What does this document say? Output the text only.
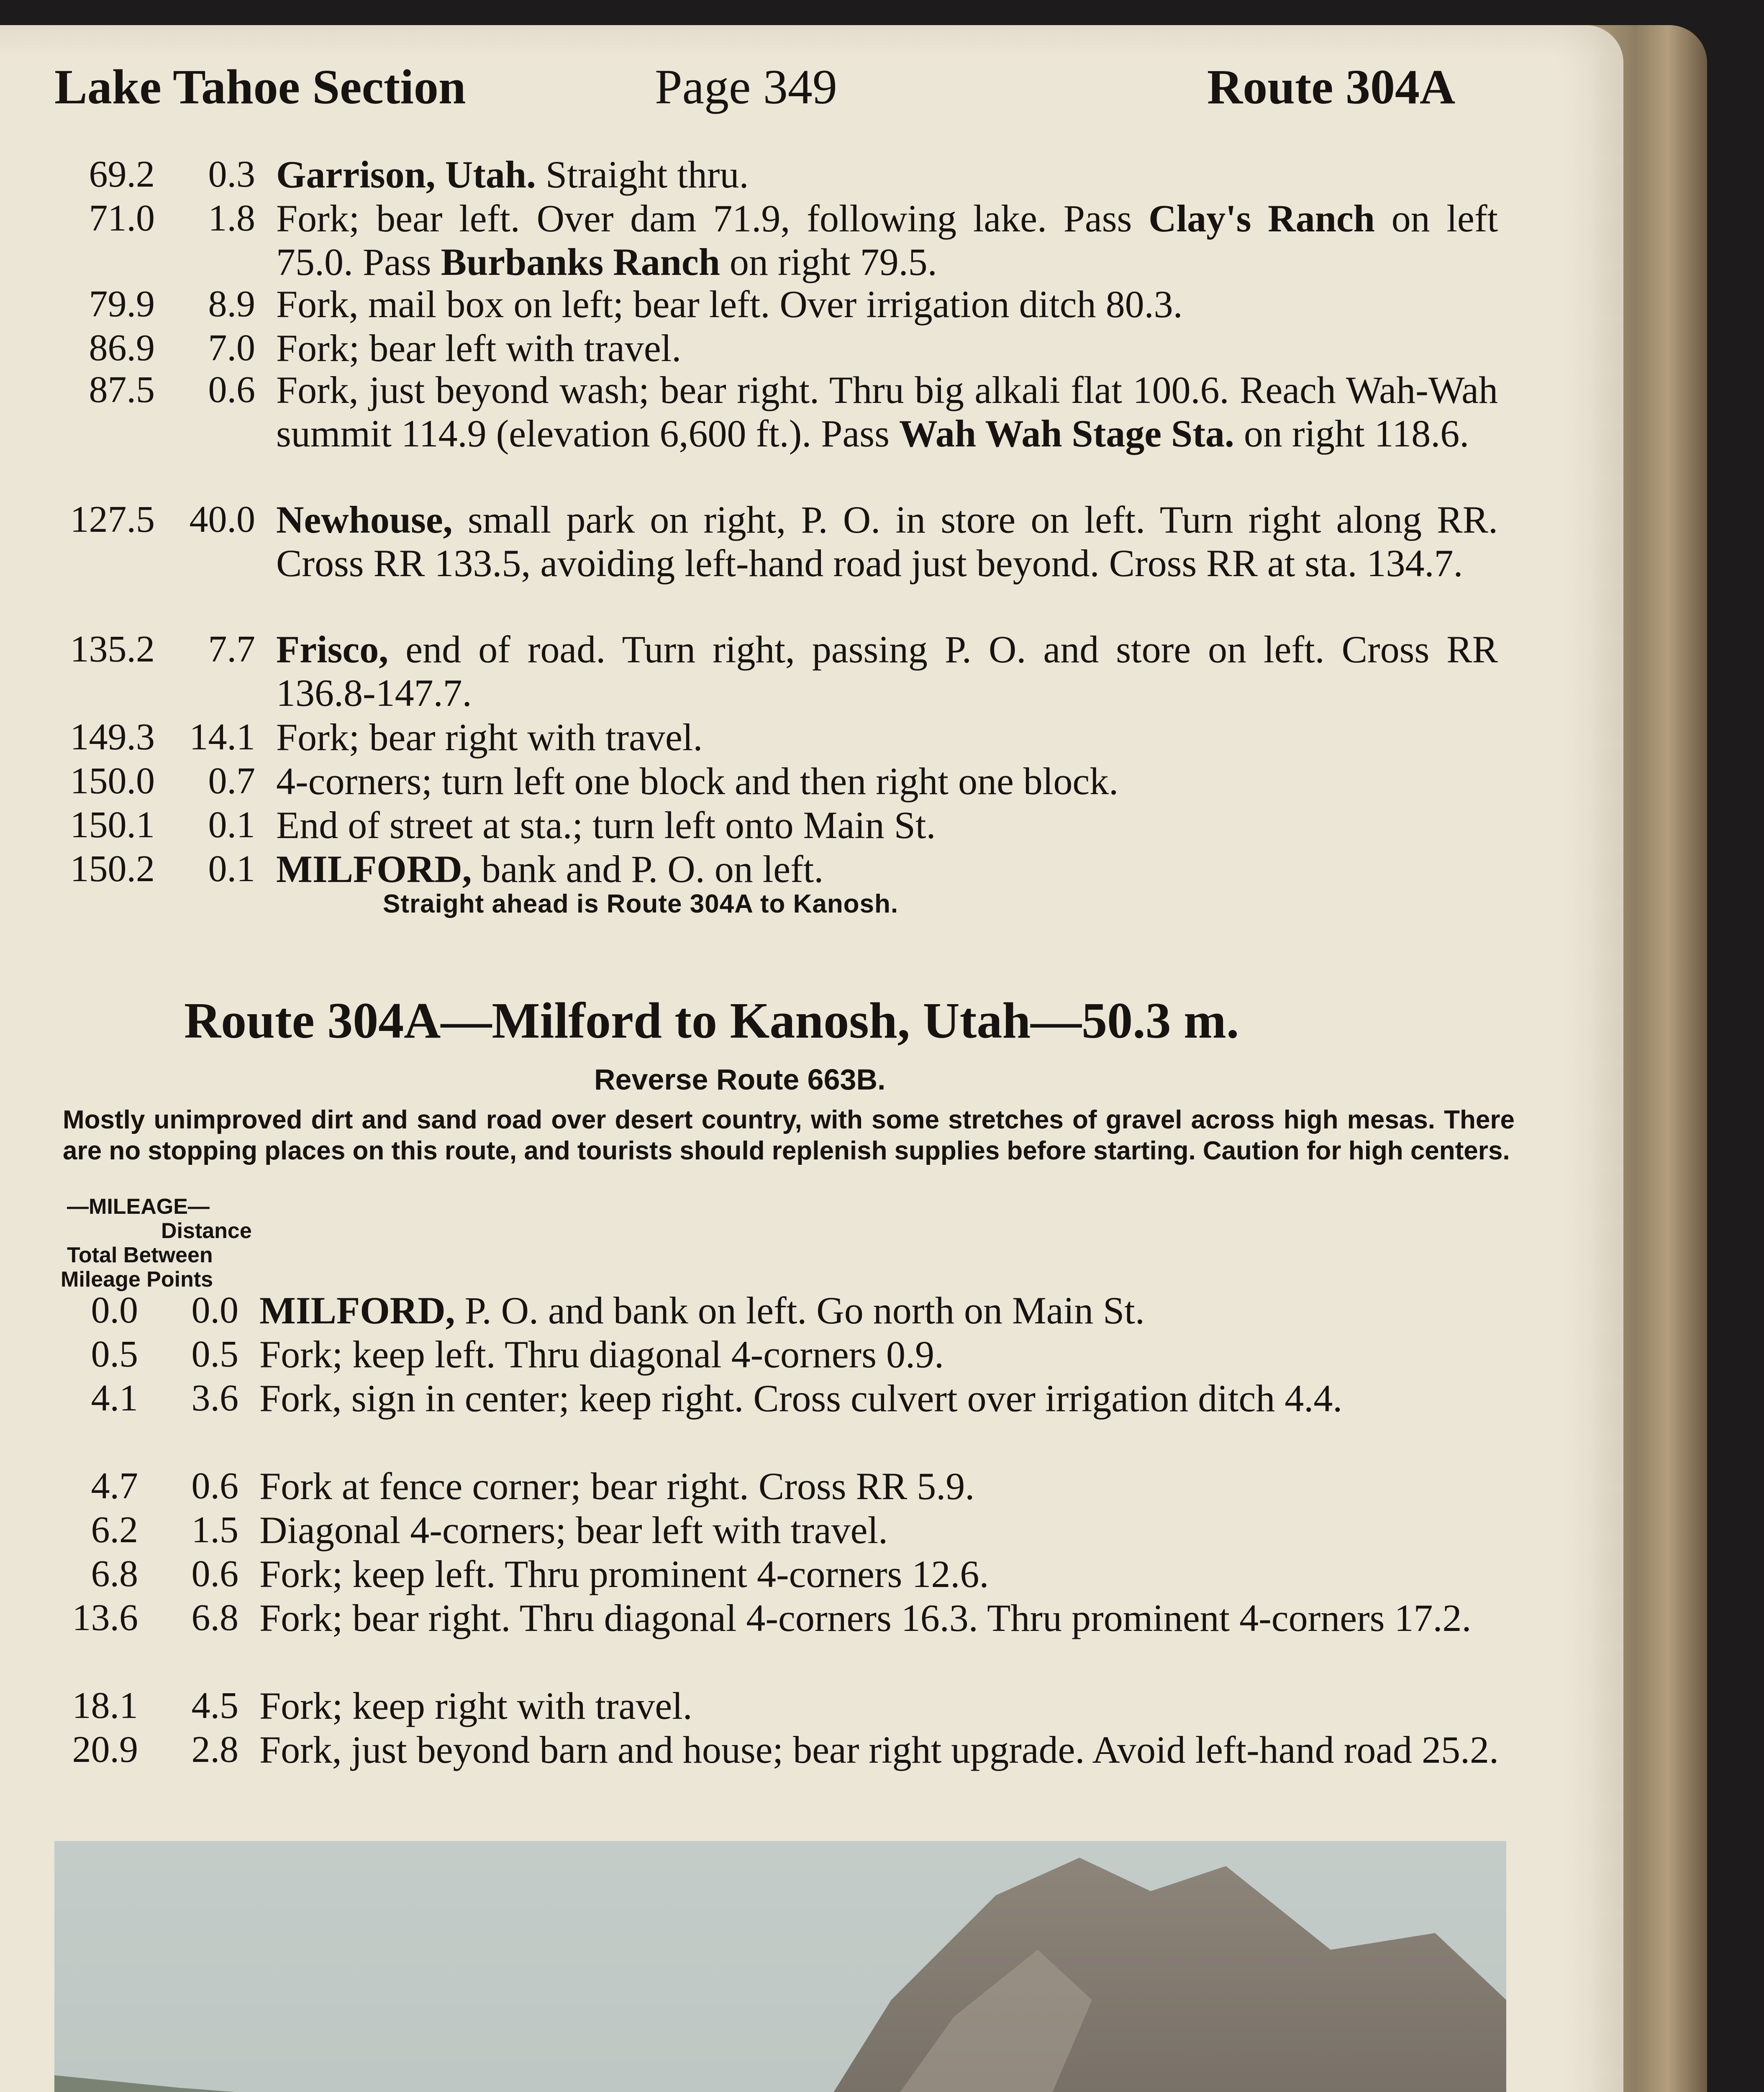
Lake Tahoe Section	Page 349	Route 304A
69.2	0.3 Garrison, Utah. Straight thru.
71.0	1.8 Fork; bear left. Over dam 71.9, following lake. Pass Clay's Ranch on left 75.0. Pass Burbanks Ranch on right 79.5.
79.9	8.9 Fork, mail box on left; bear left. Over irrigation ditch 80.3.
86.9	7.0 Fork; bear left with travel.
87.5	0.6 Fork, just beyond wash; bear right. Thru big alkali flat 100.6. Reach Wah-Wah summit 114.9 (elevation 6,600 ft.). Pass Wah Wah Stage Sta. on right 118.6.
127.5 40.0 Newhouse, small park on right, P. O. in store on left. Turn right along RR. Cross RR 133.5, avoiding left-hand road just beyond. Cross RR at sta. 134.7.
135.2	7.7 Frisco, end of road. Turn right, passing P. O. and store on left. Cross RR 136.8-147.7.
149.3 14.1 Fork; bear right with travel.
150.0	0.7 4-corners; turn left one block and then right one block.
150.1	0.1 End of street at sta.; turn left onto Main St.
150.2	0.1 MILFORD, bank and P. O. on left.
Straight ahead is Route 304A to Kanosh.
Route 304A—Milford to Kanosh, Utah—50.3 m.
Reverse Route 663B.
Mostly unimproved dirt and sand road over desert country, with some stretches of gravel across high mesas. There are no stopping places on this route, and tourists should replenish supplies before starting. Caution for high centers.
—MILEAGE—
Distance
Total Between
Mileage Points
0.0	0.0 MILFORD, P. O. and bank on left. Go north on Main St.
0.5	0.5 Fork; keep left. Thru diagonal 4-corners 0.9.
4.1	3.6 Fork, sign in center; keep right. Cross culvert over irrigation ditch 4.4.
4.7	0.6 Fork at fence corner; bear right. Cross RR 5.9.
6.2	1.5 Diagonal 4-corners; bear left with travel.
6.8	0.6 Fork; keep left. Thru prominent 4-corners 12.6.
13.6	6.8 Fork; bear right. Thru diagonal 4-corners 16.3. Thru prominent 4-corners 17.2.
18.1	4.5 Fork; keep right with travel.
20.9	2.8 Fork, just beyond barn and house; bear right upgrade. Avoid left-hand road 25.2.
